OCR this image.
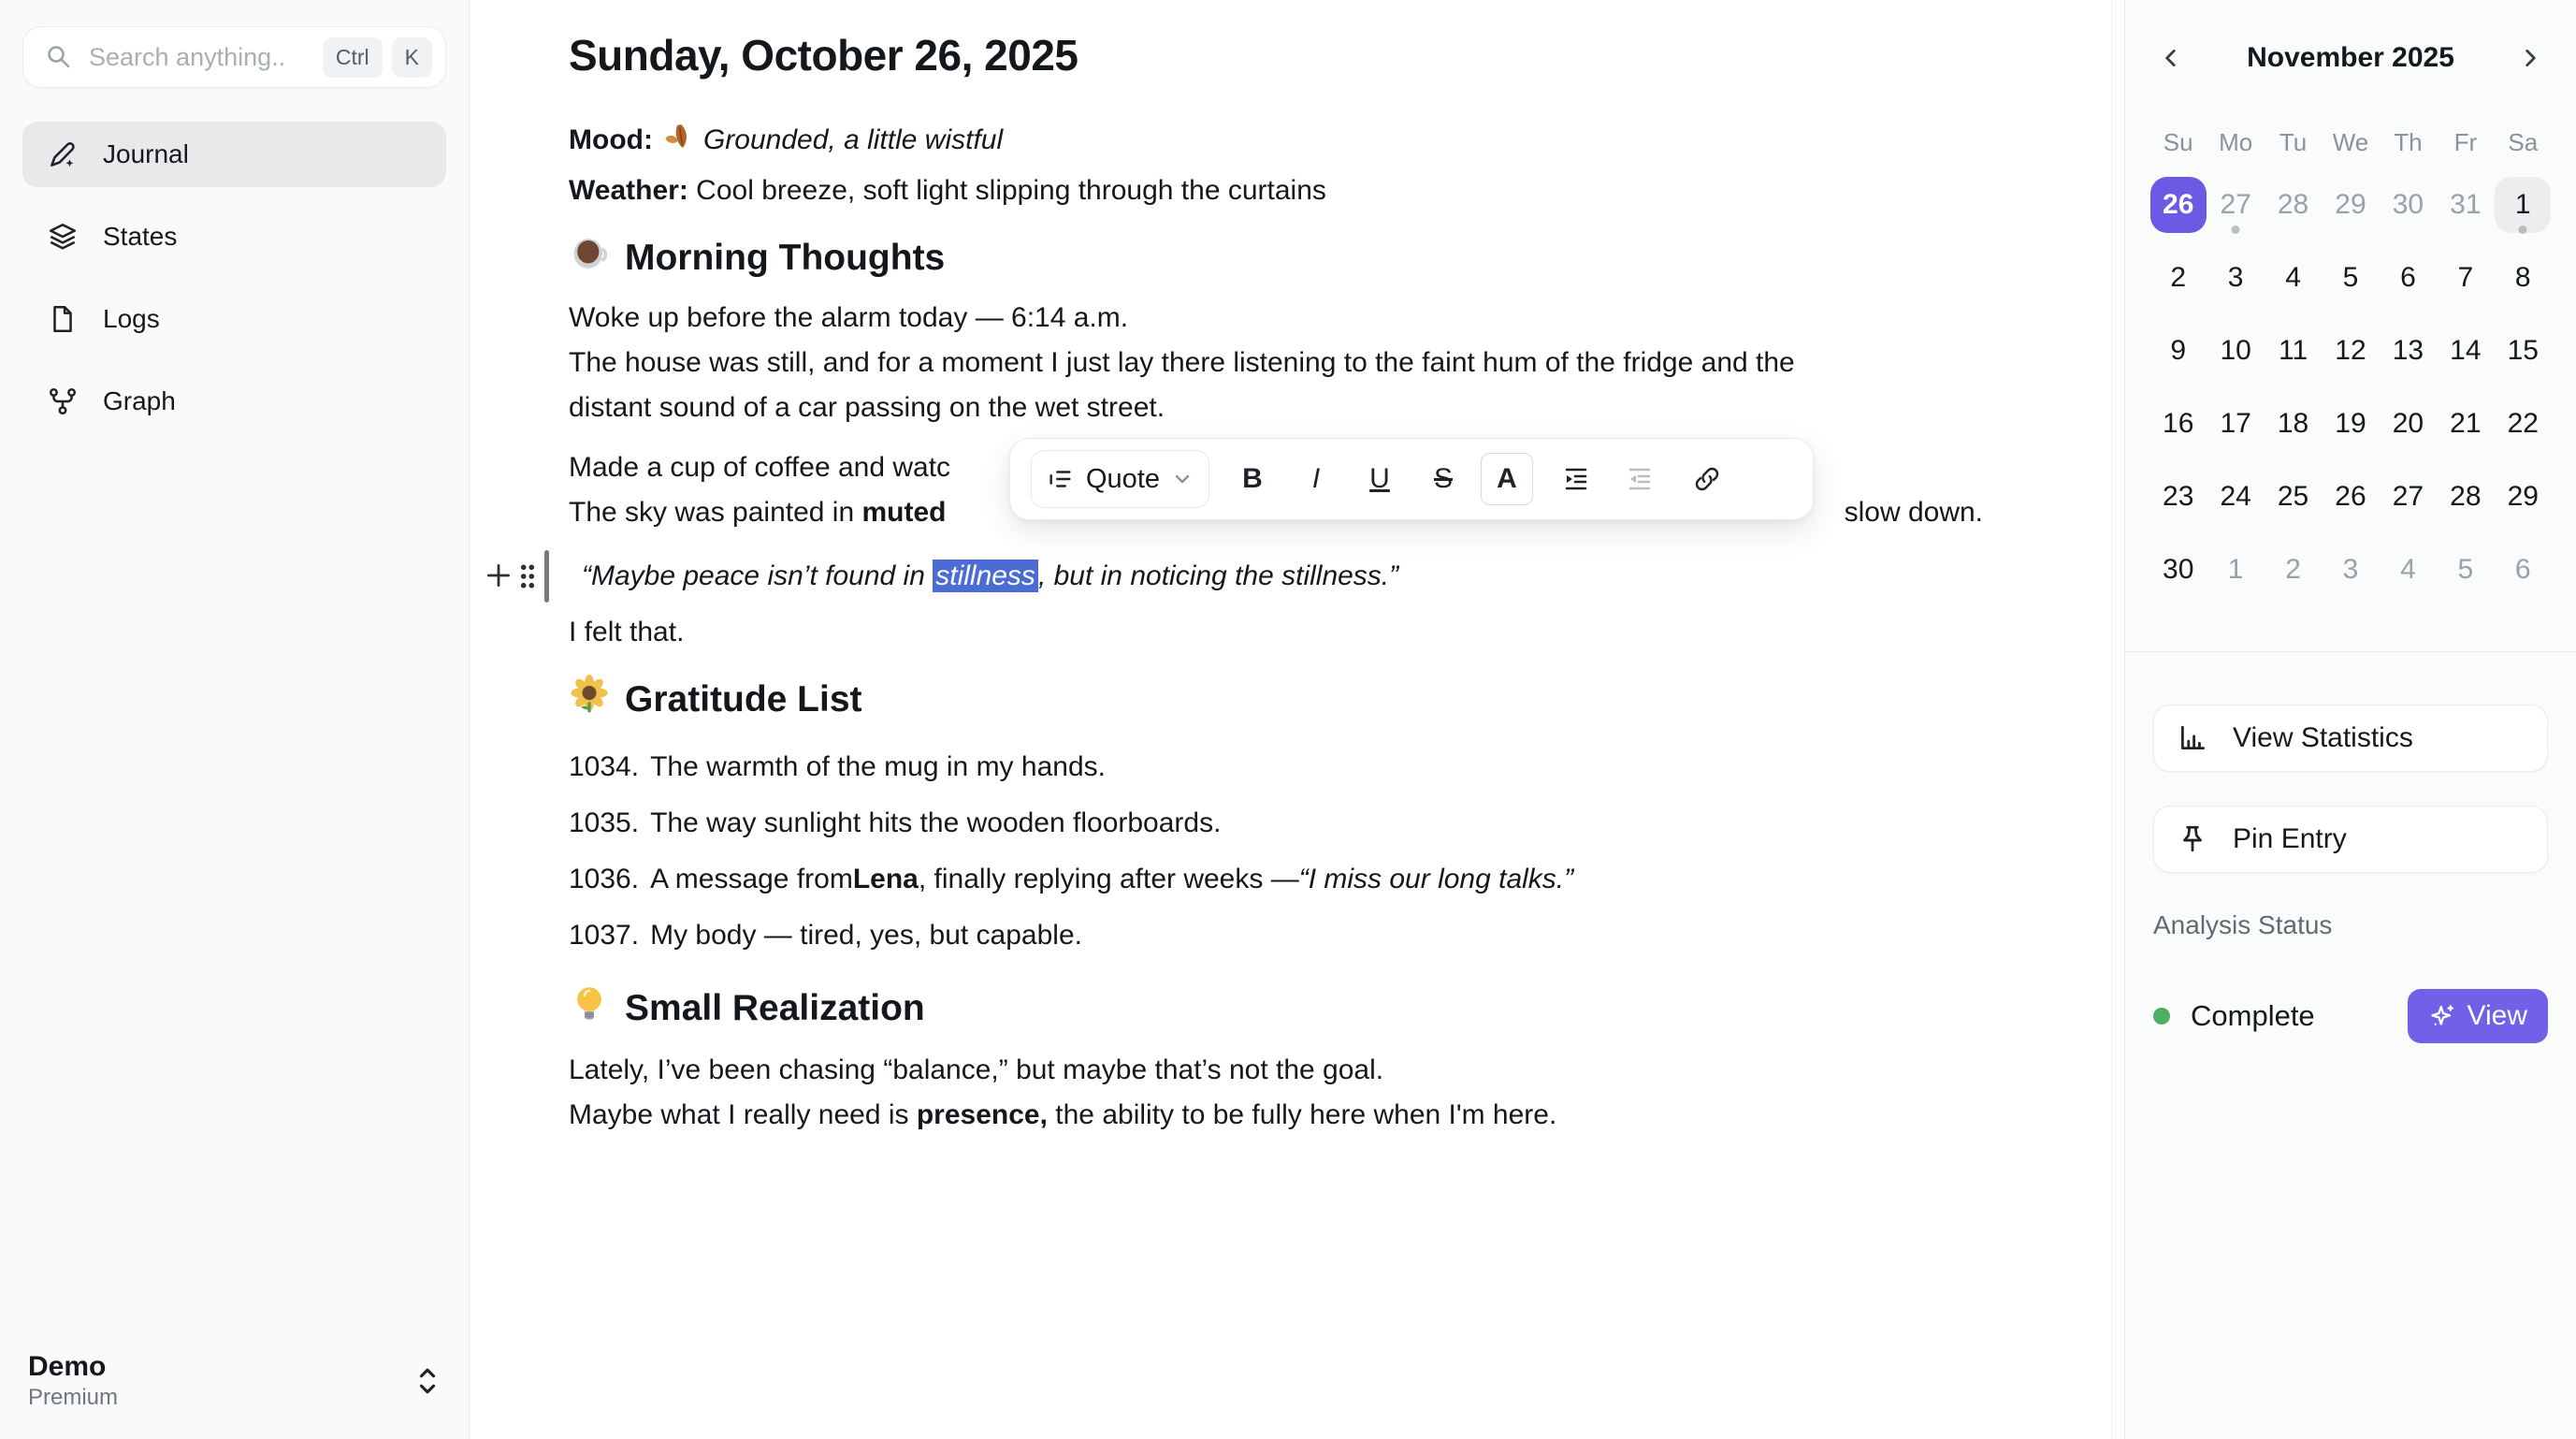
Search anything..	Ctrl	K
Journal
States
Logs
Graph
Demo
Premium
Sunday, October 26, 2025
Mood: Grounded, a little wistful
Weather: Cool breeze, soft light slipping through the curtains
Morning Thoughts

Woke up before the alarm today — 6:14 a.m.
The house was still, and for a moment I just lay there listening to the faint hum of the fridge and the
distant sound of a car passing on the wet street.

Made a cup of coffee and watc
The sky was painted in muted	slow down.
“Maybe peace isn’t found in stillness , but in noticing the stillness.”
I felt that.
Gratitude List
1034. The warmth of the mug in my hands.
1035. The way sunlight hits the wooden floorboards.
1036. A message from Lena , finally replying after weeks — “I miss our long talks.”
1037. My body — tired, yes, but capable.
Small Realization
Lately, I’ve been chasing “balance,” but maybe that’s not the goal.
Maybe what I really need is presence, the ability to be fully here when I'm here.
Quote	B	I	U	S	A
November 2025
Su	Mo	Tu	We	Th	Fr	Sa
26 27 28 29 30 31	1
2	3	4	5	6	7	8
9	10 11 12 13 14 15
16 17 18 19 20 21 22
23 24 25 26 27 28 29
30	1	2	3	4	5	6
View Statistics
Pin Entry
Analysis Status
Complete	View
